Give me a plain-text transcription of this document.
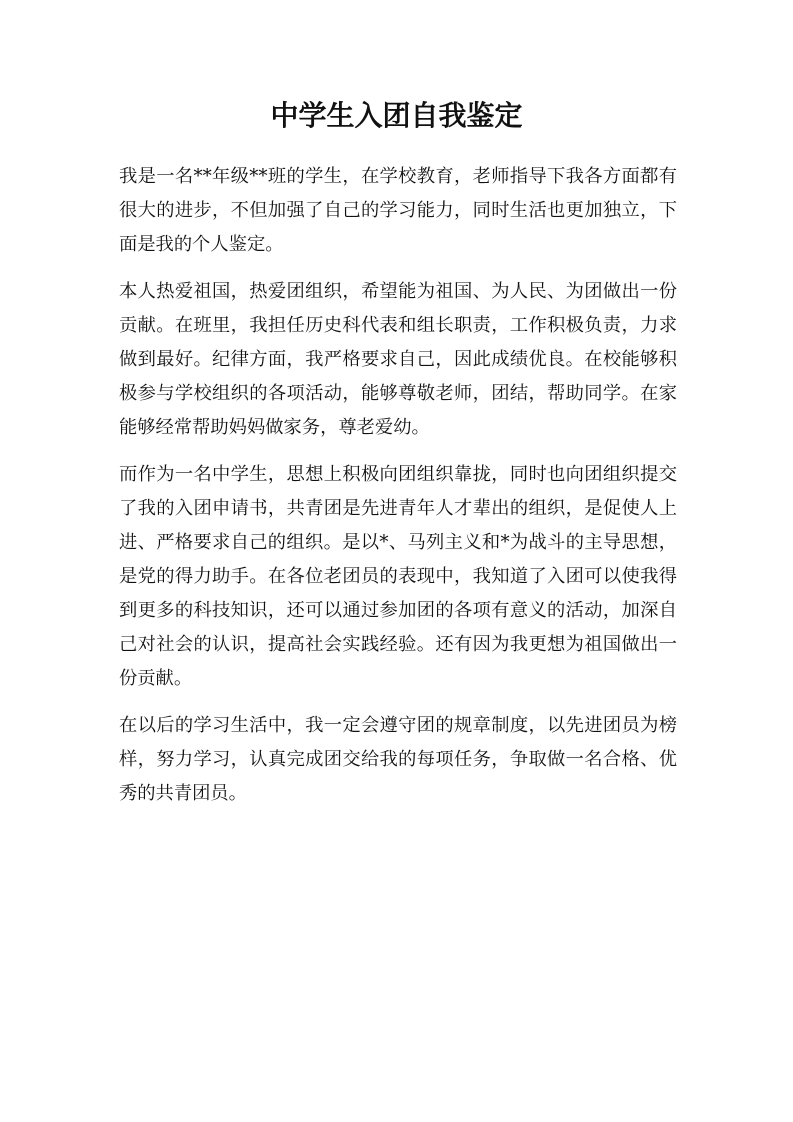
中学生入团自我鉴定

我是一名**年级**班的学生，在学校教育，老师指导下我各方面都有很大的进步，不但加强了自己的学习能力，同时生活也更加独立，下面是我的个人鉴定。

本人热爱祖国，热爱团组织，希望能为祖国、为人民、为团做出一份贡献。在班里，我担任历史科代表和组长职责，工作积极负责，力求做到最好。纪律方面，我严格要求自己，因此成绩优良。在校能够积极参与学校组织的各项活动，能够尊敬老师，团结，帮助同学。在家能够经常帮助妈妈做家务，尊老爱幼。

而作为一名中学生，思想上积极向团组织靠拢，同时也向团组织提交了我的入团申请书，共青团是先进青年人才辈出的组织，是促使人上进、严格要求自己的组织。是以*、马列主义和*为战斗的主导思想，是党的得力助手。在各位老团员的表现中，我知道了入团可以使我得到更多的科技知识，还可以通过参加团的各项有意义的活动，加深自己对社会的认识，提高社会实践经验。还有因为我更想为祖国做出一份贡献。

在以后的学习生活中，我一定会遵守团的规章制度，以先进团员为榜样，努力学习，认真完成团交给我的每项任务，争取做一名合格、优秀的共青团员。
